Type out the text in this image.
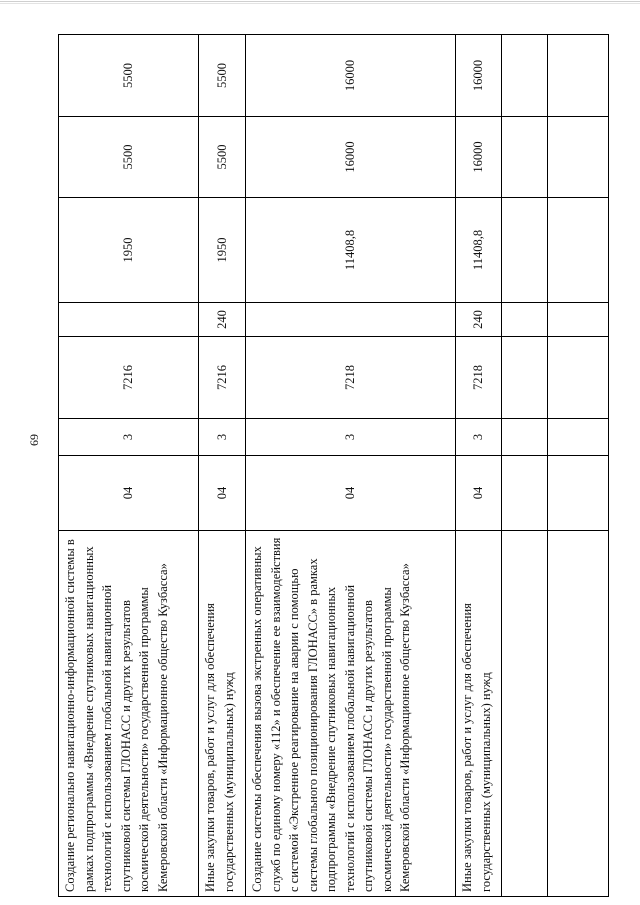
69
Создание регионально навигационно-информационной системы в рамках подпрограммы «Внедрение спутниковых навигационных технологий с использованием глобальной навигационной спутниковой системы ГЛОНАСС и других результатов космической деятельности» государственной программы Кемеровской области «Информационное общество Кузбасса»	04	3	7216		1950	5500	5500
Иные закупки товаров, работ и услуг для обеспечения государственных (муниципальных) нужд	04	3	7216	240	1950	5500	5500
Создание системы обеспечения вызова экстренных оперативных служб по единому номеру «112» и обеспечение ее взаимодействия с системой «Экстренное реагирование на аварии с помощью системы глобального позиционирования ГЛОНАСС» в рамках подпрограммы «Внедрение спутниковых навигационных технологий с использованием глобальной навигационной спутниковой системы ГЛОНАСС и других результатов космической деятельности» государственной программы Кемеровской области «Информационное общество Кузбасса»	04	3	7218		11408,8	16000	16000
Иные закупки товаров, работ и услуг для обеспечения государственных (муниципальных) нужд	04	3	7218	240	11408,8	16000	16000
